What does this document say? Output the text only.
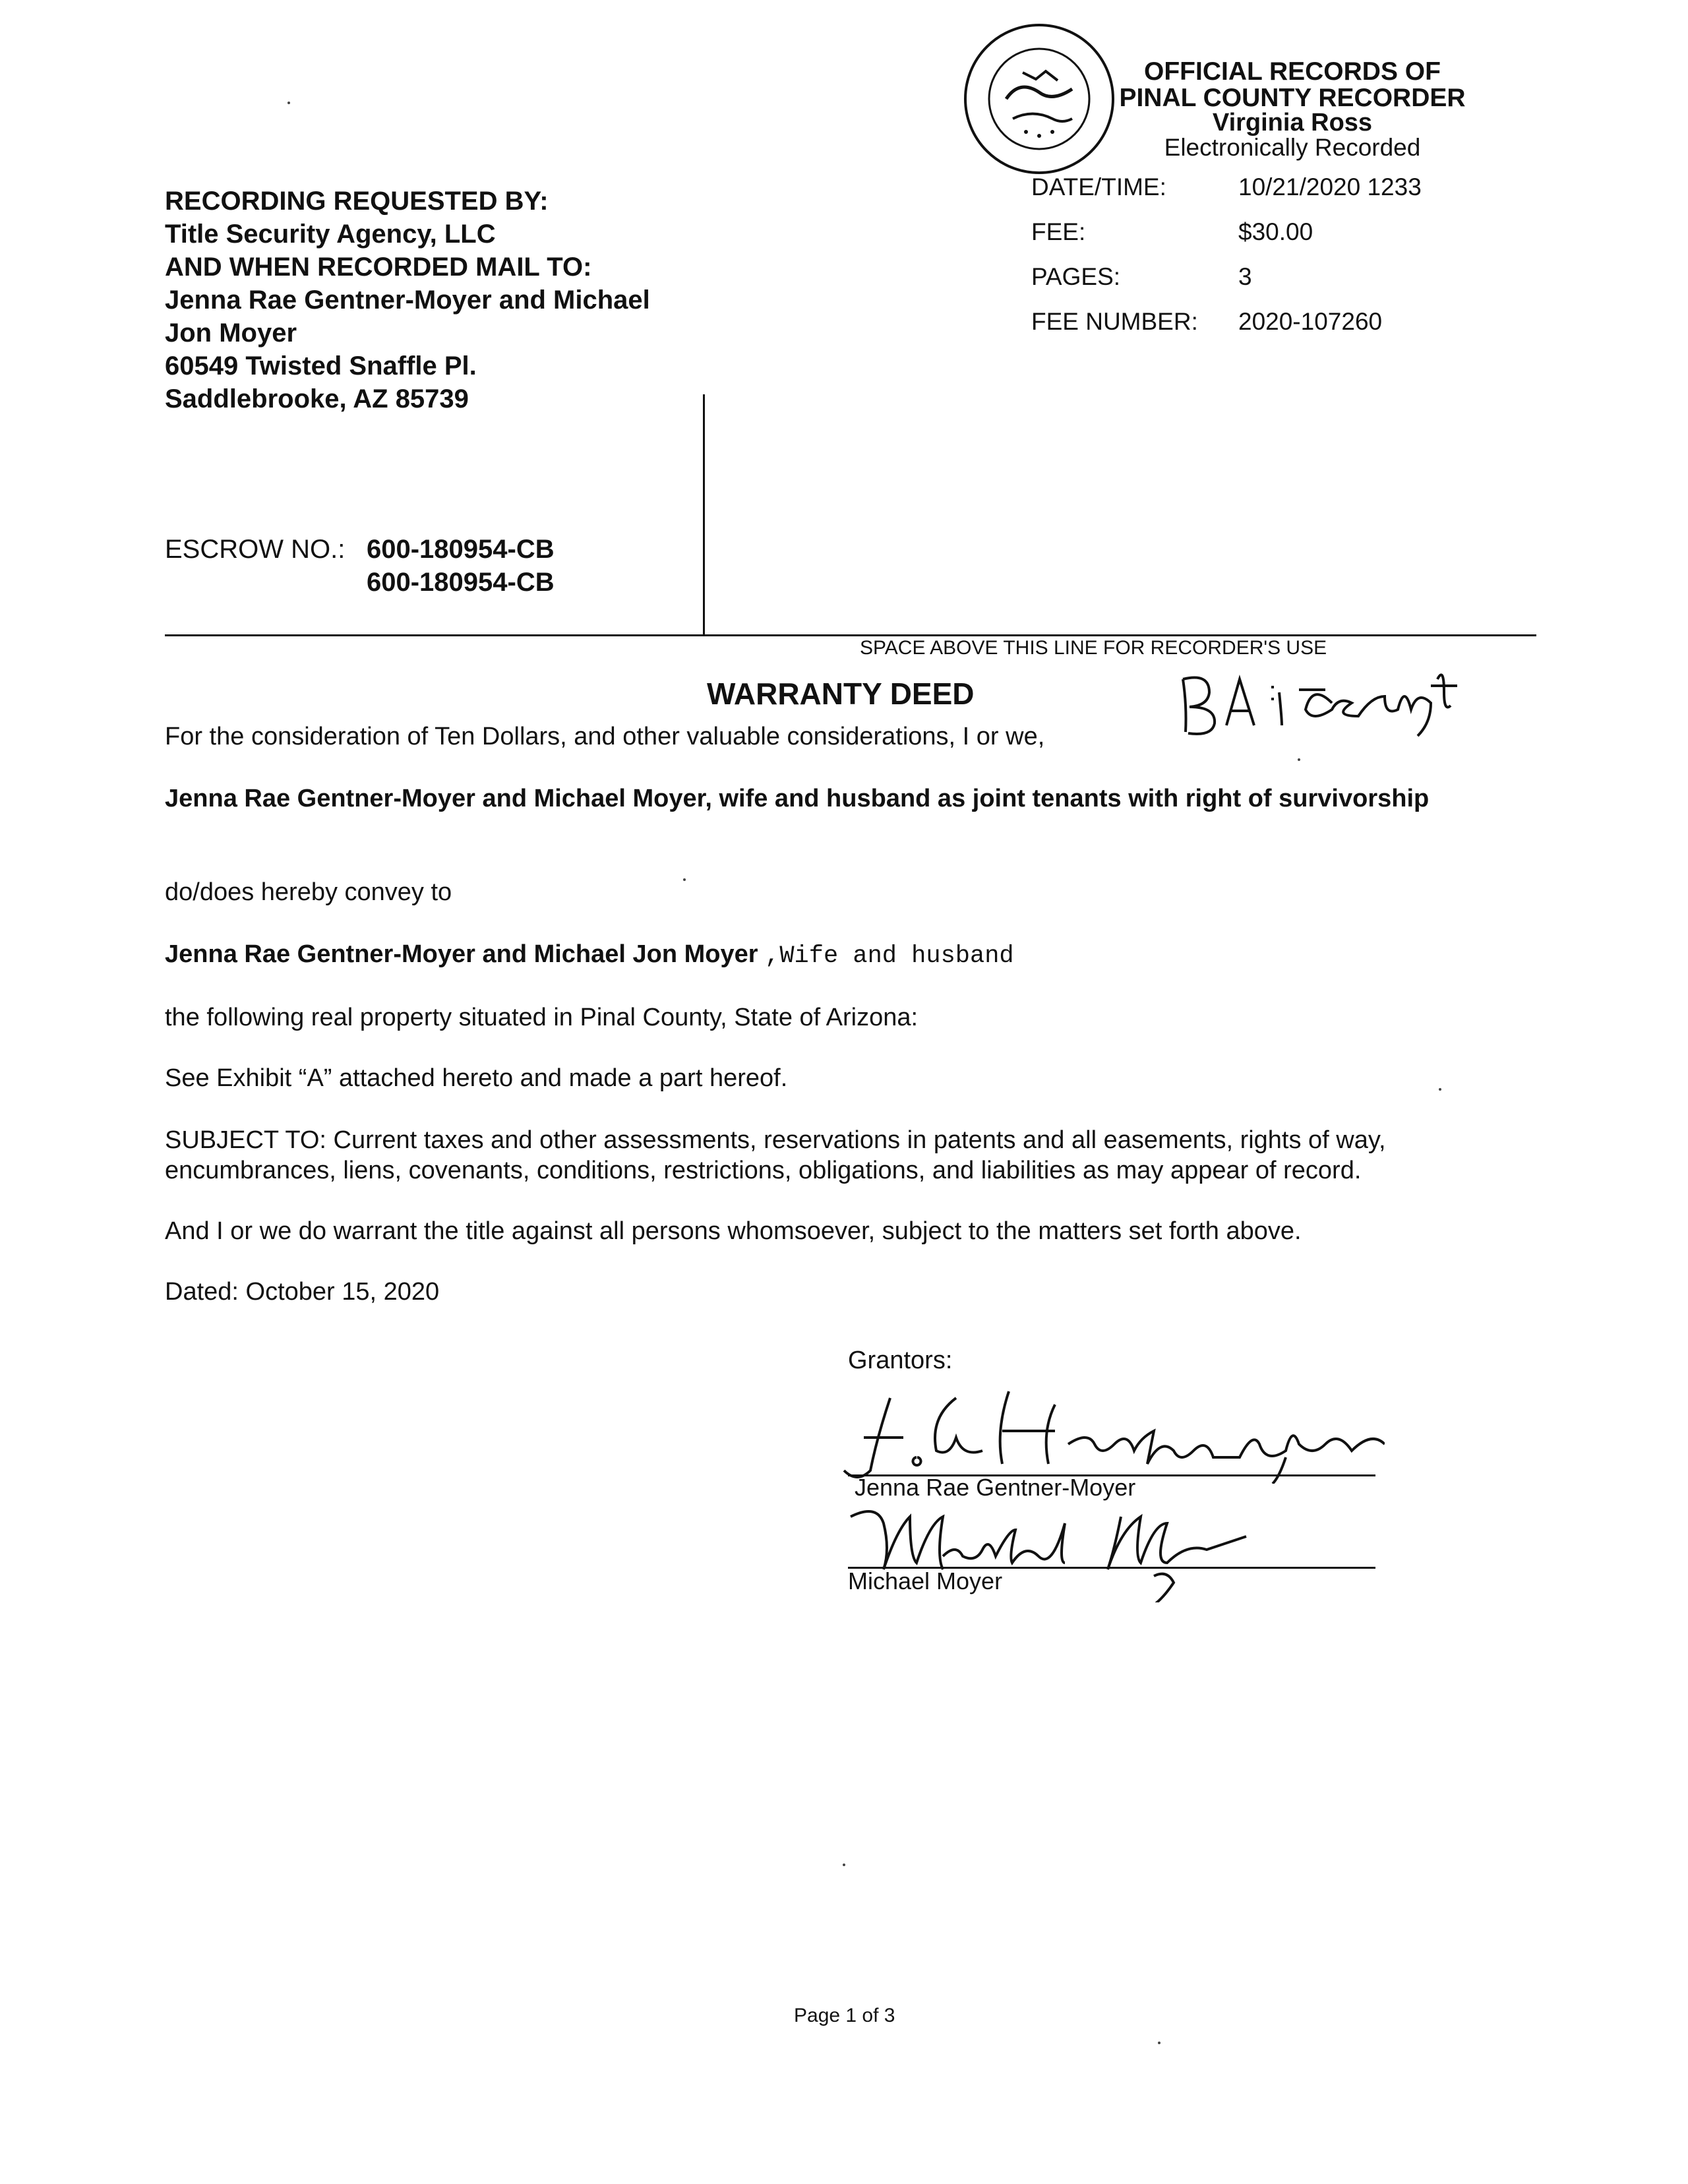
OFFICIAL RECORDS OF
PINAL COUNTY RECORDER
Virginia Ross
Electronically Recorded
DATE/TIME:	10/21/2020 1233
FEE:	$30.00
PAGES:	3
FEE NUMBER: 2020-107260
RECORDING REQUESTED BY:
Title Security Agency, LLC
AND WHEN RECORDED MAIL TO:
Jenna Rae Gentner-Moyer and Michael
Jon Moyer
60549 Twisted Snaffle Pl.
Saddlebrooke, AZ 85739
ESCROW NO.: 600-180954-CB
600-180954-CB
SPACE ABOVE THIS LINE FOR RECORDER'S USE
WARRANTY DEED
For the consideration of Ten Dollars, and other valuable considerations, I or we,
Jenna Rae Gentner-Moyer and Michael Moyer, wife and husband as joint tenants with right of survivorship
do/does hereby convey to
Jenna Rae Gentner-Moyer and Michael Jon Moyer ,Wife and husband
the following real property situated in Pinal County, State of Arizona:
See Exhibit “A” attached hereto and made a part hereof.
SUBJECT TO: Current taxes and other assessments, reservations in patents and all easements, rights of way, encumbrances, liens, covenants, conditions, restrictions, obligations, and liabilities as may appear of record.
And I or we do warrant the title against all persons whomsoever, subject to the matters set forth above.
Dated: October 15, 2020
Grantors:
Jenna Rae Gentner-Moyer
Michael Moyer
Page 1 of 3
